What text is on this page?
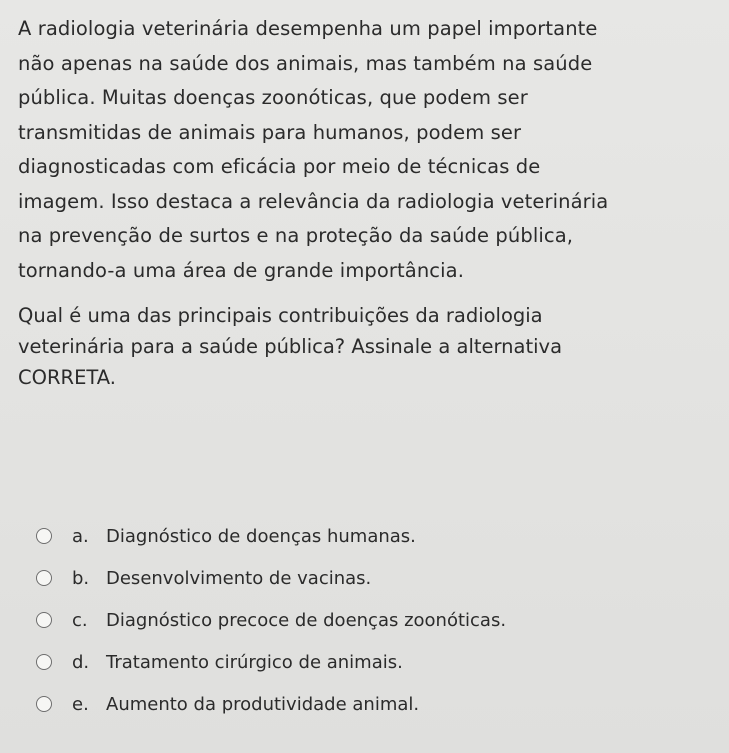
A radiologia veterinária desempenha um papel importante
não apenas na saúde dos animais, mas também na saúde
pública. Muitas doenças zoonóticas, que podem ser
transmitidas de animais para humanos, podem ser
diagnosticadas com eficácia por meio de técnicas de
imagem. Isso destaca a relevância da radiologia veterinária
na prevenção de surtos e na proteção da saúde pública,
tornando-a uma área de grande importância.

Qual é uma das principais contribuições da radiologia
veterinária para a saúde pública? Assinale a alternativa
CORRETA.

a. Diagnóstico de doenças humanas.
b. Desenvolvimento de vacinas.
c.	Diagnóstico precoce de doenças zoonóticas.
d. Tratamento cirúrgico de animais.
e. Aumento da produtividade animal.
